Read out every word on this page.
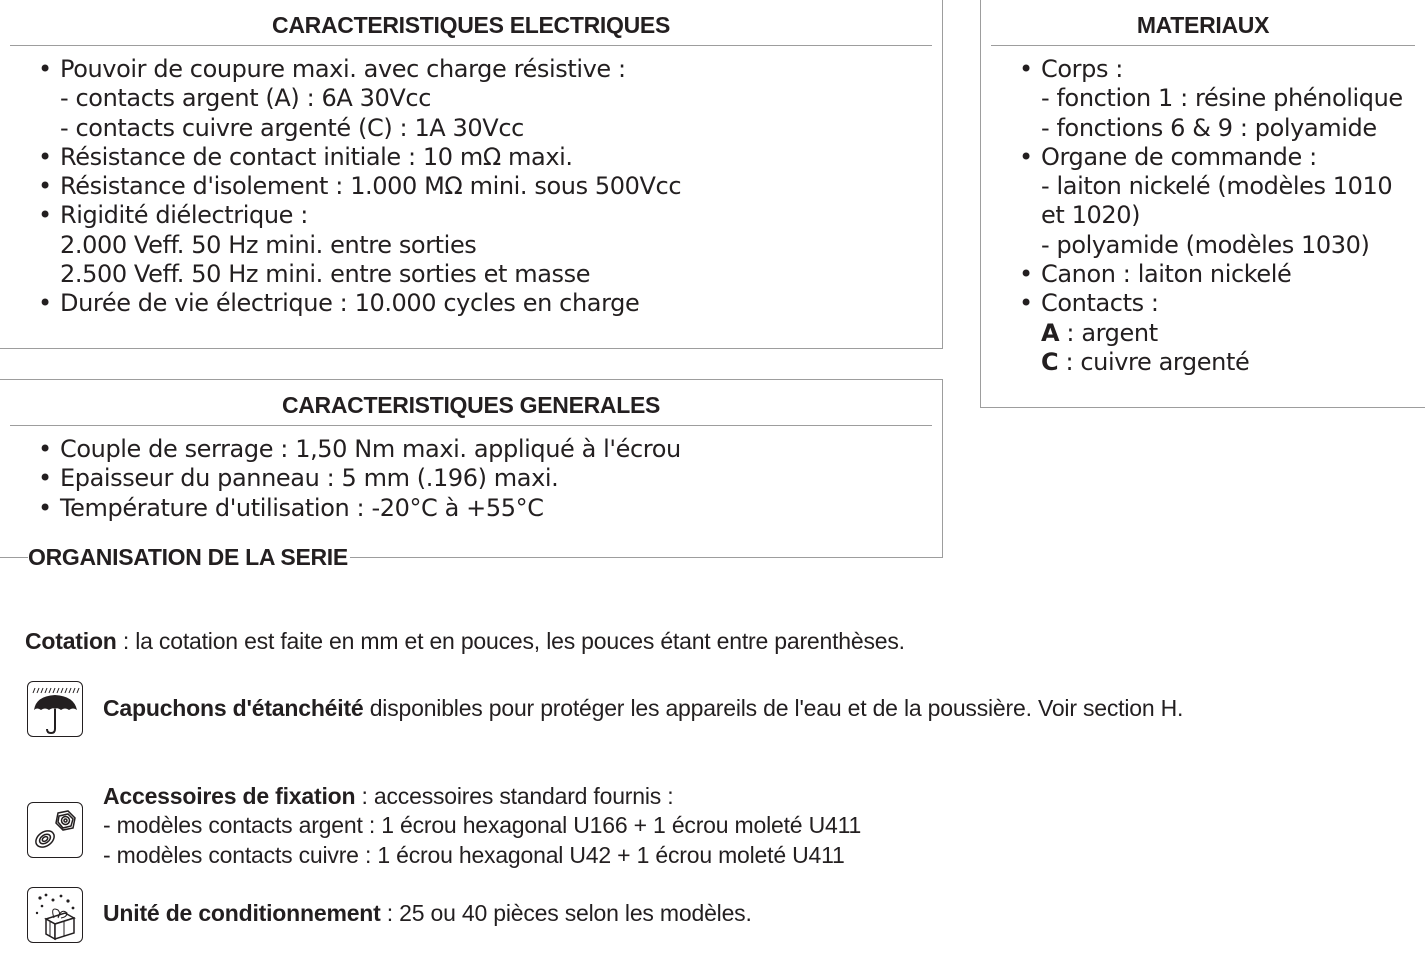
CARACTERISTIQUES ELECTRIQUES
• Pouvoir de coupure maxi. avec charge résistive :
- contacts argent (A) : 6A 30Vcc
- contacts cuivre argenté (C) : 1A 30Vcc
• Résistance de contact initiale : 10 mΩ maxi.
• Résistance d'isolement : 1.000 MΩ mini. sous 500Vcc
• Rigidité diélectrique :
2.000 Veff. 50 Hz mini. entre sorties
2.500 Veff. 50 Hz mini. entre sorties et masse
• Durée de vie électrique : 10.000 cycles en charge
CARACTERISTIQUES GENERALES
• Couple de serrage : 1,50 Nm maxi. appliqué à l'écrou
• Epaisseur du panneau : 5 mm (.196) maxi.
• Température d'utilisation : -20°C à +55°C
MATERIAUX
• Corps :
- fonction 1 : résine phénolique
- fonctions 6 & 9 : polyamide
• Organe de commande :
- laiton nickelé (modèles 1010
et 1020)
- polyamide (modèles 1030)
• Canon : laiton nickelé
• Contacts :
A : argent
C : cuivre argenté
ORGANISATION DE LA SERIE
Cotation : la cotation est faite en mm et en pouces, les pouces étant entre parenthèses.
Capuchons d'étanchéité disponibles pour protéger les appareils de l'eau et de la poussière. Voir section H.
Accessoires de fixation : accessoires standard fournis :
- modèles contacts argent : 1 écrou hexagonal U166 + 1 écrou moleté U411
- modèles contacts cuivre : 1 écrou hexagonal U42 + 1 écrou moleté U411
Unité de conditionnement : 25 ou 40 pièces selon les modèles.
